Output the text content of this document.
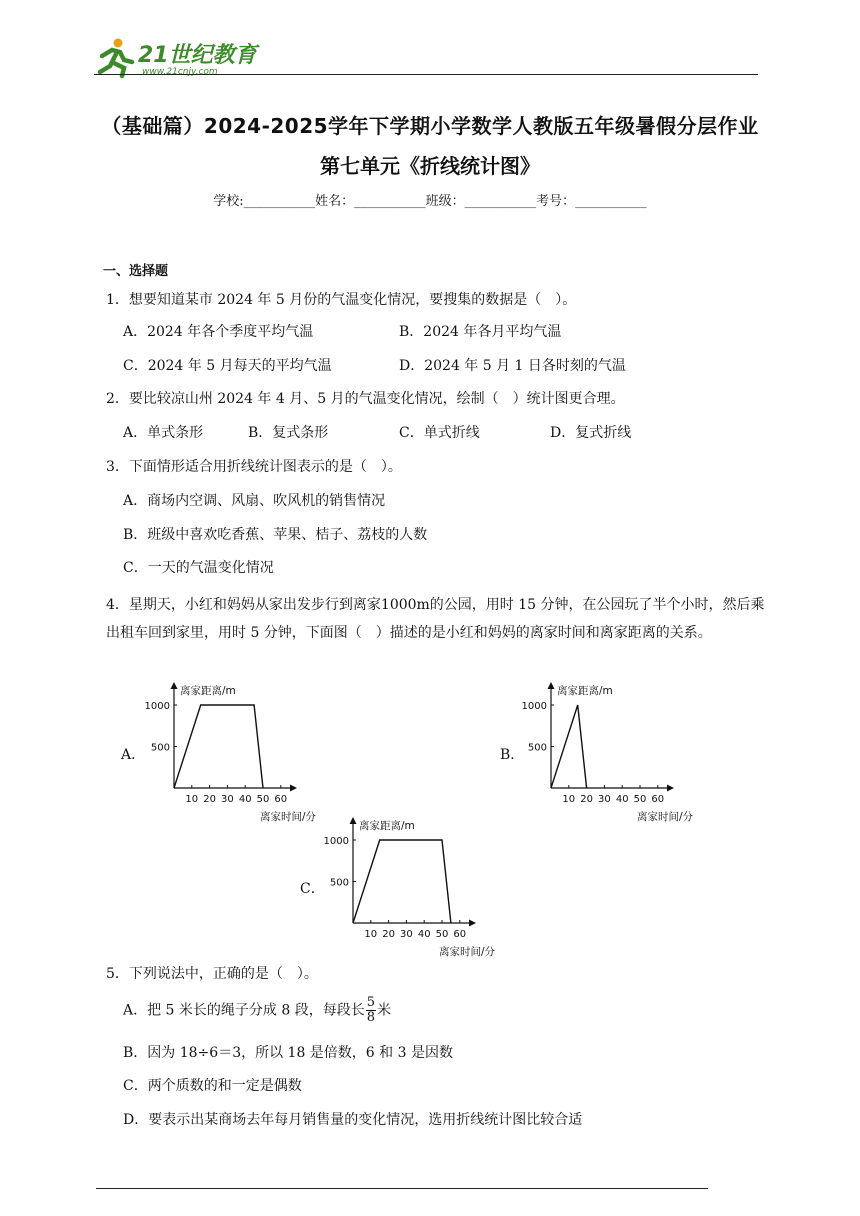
21世纪教育
www.21cnjy.com
（基础篇）2024-2025学年下学期小学数学人教版五年级暑假分层作业
第七单元《折线统计图》
学校:___________姓名：___________班级：___________考号：___________
一、选择题
1．想要知道某市 2024 年 5 月份的气温变化情况，要搜集的数据是（　）。
A．2024 年各个季度平均气温	B．2024 年各月平均气温
C．2024 年 5 月每天的平均气温	D．2024 年 5 月 1 日各时刻的气温
2．要比较凉山州 2024 年 4 月、5 月的气温变化情况，绘制（　）统计图更合理。
A．单式条形	B．复式条形	C．单式折线	D．复式折线
3．下面情形适合用折线统计图表示的是（　）。
A．商场内空调、风扇、吹风机的销售情况
B．班级中喜欢吃香蕉、苹果、桔子、荔枝的人数
C．一天的气温变化情况
4．星期天，小红和妈妈从家出发步行到离家1000m的公园，用时 15 分钟，在公园玩了半个小时，然后乘出租车回到家里，用时 5 分钟，下面图（　）描述的是小红和妈妈的离家时间和离家距离的关系。
A．	B．
C．
500
1000
10 20 30 40 50 60
离家距离/m
离家时间/分
500
1000
10 20 30 40 50 60
离家距离/m
离家时间/分
500
1000
10 20 30 40 50 60
离家距离/m
离家时间/分
5．下列说法中，正确的是（　）。
A．把 5 米长的绳子分成 8 段，每段长 $\frac{5}{8}$ 米
B．因为 18÷6＝3，所以 18 是倍数，6 和 3 是因数
C．两个质数的和一定是偶数
D．要表示出某商场去年每月销售量的变化情况，选用折线统计图比较合适
